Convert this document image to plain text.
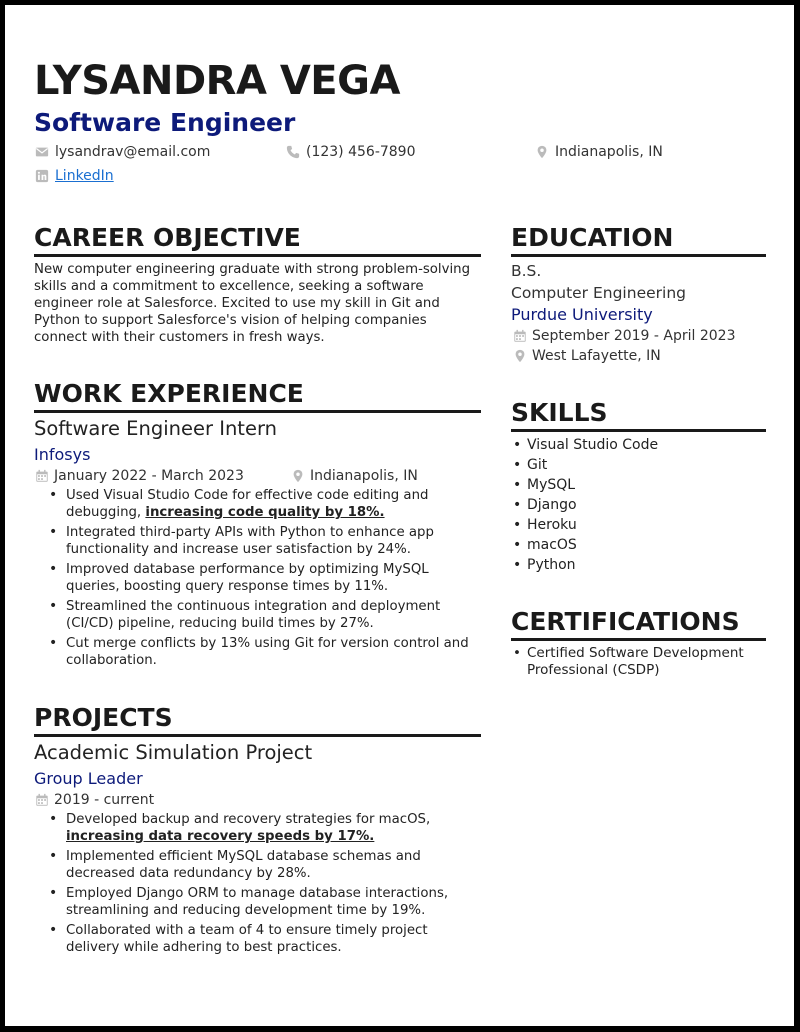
LYSANDRA VEGA
Software Engineer
lysandrav@email.com	(123) 456-7890	Indianapolis, IN
LinkedIn
CAREER OBJECTIVE
New computer engineering graduate with strong problem-solving skills and a commitment to excellence, seeking a software engineer role at Salesforce. Excited to use my skill in Git and Python to support Salesforce's vision of helping companies connect with their customers in fresh ways.
WORK EXPERIENCE
Software Engineer Intern
Infosys
January 2022 - March 2023	Indianapolis, IN
• Used Visual Studio Code for effective code editing and debugging, increasing code quality by 18%.
• Integrated third-party APIs with Python to enhance app functionality and increase user satisfaction by 24%.
• Improved database performance by optimizing MySQL queries, boosting query response times by 11%.
• Streamlined the continuous integration and deployment (CI/CD) pipeline, reducing build times by 27%.
• Cut merge conflicts by 13% using Git for version control and collaboration.
PROJECTS
Academic Simulation Project
Group Leader
2019 - current
• Developed backup and recovery strategies for macOS, increasing data recovery speeds by 17%.
• Implemented efficient MySQL database schemas and decreased data redundancy by 28%.
• Employed Django ORM to manage database interactions, streamlining and reducing development time by 19%.
• Collaborated with a team of 4 to ensure timely project delivery while adhering to best practices.
EDUCATION
B.S.
Computer Engineering
Purdue University
September 2019 - April 2023
West Lafayette, IN
SKILLS
• Visual Studio Code
• Git
• MySQL
• Django
• Heroku
• macOS
• Python
CERTIFICATIONS
• Certified Software Development Professional (CSDP)
